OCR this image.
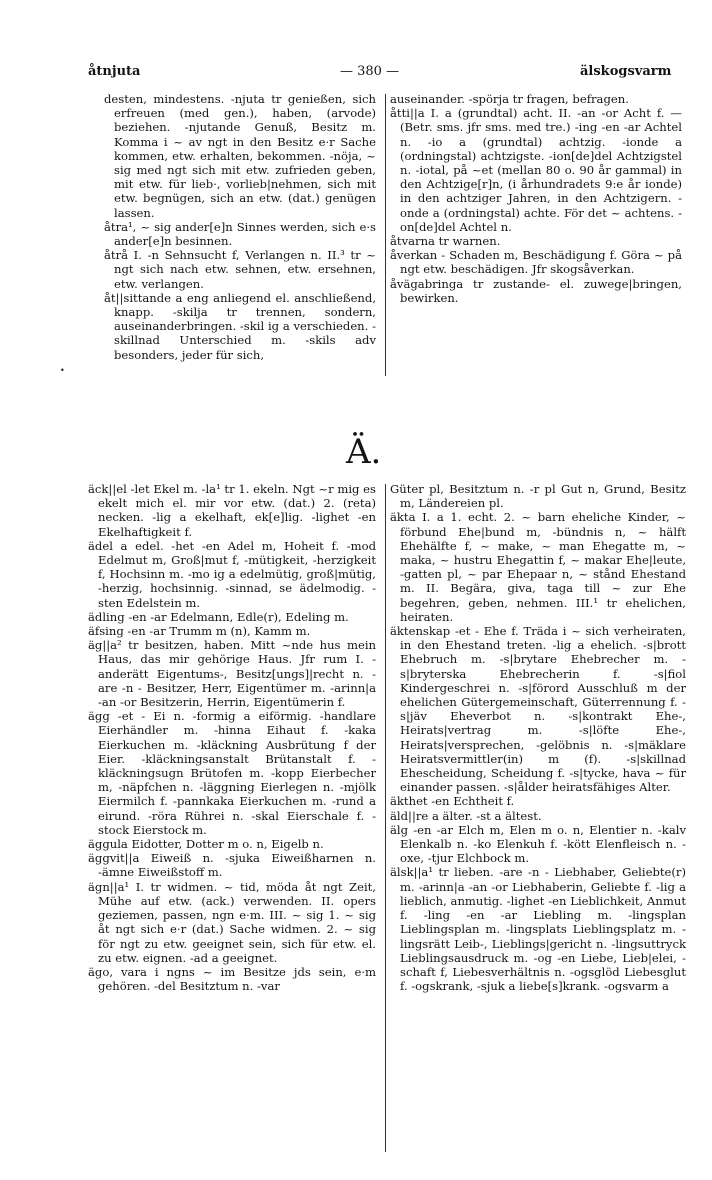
åtnjuta	— 380 —	älskogsvarm

desten, mindestens. -njuta tr genießen, sich erfreuen (med gen.), haben, (arvode) beziehen. -njutande Genuß, Besitz m. Komma i ~ av ngt in den Besitz e·r Sache kommen, etw. erhalten, bekommen. -nöja, ~ sig med ngt sich mit etw. zufrieden geben, mit etw. für lieb·, vorlieb|nehmen, sich mit etw. begnügen, sich an etw. (dat.) genügen lassen.

åtra¹, ~ sig ander[e]n Sinnes werden, sich e·s ander[e]n besinnen.

åtrå I. -n Sehnsucht f, Verlangen n. II.³ tr ~ ngt sich nach etw. sehnen, etw. ersehnen, etw. verlangen.

åt||sittande a eng anliegend el. anschließend, knapp. -skilja tr trennen, sondern, auseinanderbringen. -skil ig a verschieden. -skillnad Unterschied m. -skils adv besonders, jeder für sich,

auseinander. -spörja tr fragen, befragen.

åtti||a I. a (grundtal) acht. II. -an -or Acht f. — (Betr. sms. jfr sms. med tre.) -ing -en -ar Achtel n. -io a (grundtal) achtzig. -ionde a (ordningstal) achtzigste. -ion[de]del Achtzigstel n. -iotal, på ~et (mellan 80 o. 90 år gammal) in den Achtzige[r]n, (i århundradets 9:e år ionde) in den achtziger Jahren, in den Achtzigern. -onde a (ordningstal) achte. För det ~ achtens. -on[de]del Achtel n.

åtvarna tr warnen.

åverkan - Schaden m, Beschädigung f. Göra ~ på ngt etw. beschädigen. Jfr skogsåverkan.

åvägabringa tr zustande- el. zuwege|bringen, bewirken.

•
Ä.

äck||el -let Ekel m. -la¹ tr 1. ekeln. Ngt ~r mig es ekelt mich el. mir vor etw. (dat.) 2. (reta) necken. -lig a ekelhaft, ek[e]lig. -lighet -en Ekelhaftigkeit f.

ädel a edel. -het -en Adel m, Hoheit f. -mod Edelmut m, Groß|mut f, -mütigkeit, -herzigkeit f, Hochsinn m. -mo ig a edelmütig, groß|mütig, -herzig, hochsinnig. -sinnad, se ädelmodig. -sten Edelstein m.

ädling -en -ar Edelmann, Edle(r), Edeling m.

äfsing -en -ar Trumm m (n), Kamm m.

äg||a² tr besitzen, haben. Mitt ~nde hus mein Haus, das mir gehörige Haus. Jfr rum I. -anderätt Eigentums-, Besitz[ungs]|recht n. -are -n - Besitzer, Herr, Eigentümer m. -arinn|a -an -or Besitzerin, Herrin, Eigentümerin f.

ägg -et - Ei n. -formig a eiförmig. -handlare Eierhändler m. -hinna Eihaut f. -kaka Eierkuchen m. -kläckning Ausbrütung f der Eier. -kläckningsanstalt Brütanstalt f. -kläckningsugn Brütofen m. -kopp Eierbecher m, -näpfchen n. -läggning Eierlegen n. -mjölk Eiermilch f. -pannkaka Eierkuchen m. -rund a eirund. -röra Rührei n. -skal Eierschale f. -stock Eierstock m.

äggula Eidotter, Dotter m o. n, Eigelb n.

äggvit||a Eiweiß n. -sjuka Eiweißharnen n. -ämne Eiweißstoff m.

ägn||a¹ I. tr widmen. ~ tid, möda åt ngt Zeit, Mühe auf etw. (ack.) verwenden. II. opers geziemen, passen, ngn e·m. III. ~ sig 1. ~ sig åt ngt sich e·r (dat.) Sache widmen. 2. ~ sig för ngt zu etw. geeignet sein, sich für etw. el. zu etw. eignen. -ad a geeignet.

ägo, vara i ngns ~ im Besitze jds sein, e·m gehören. -del Besitztum n. -var

Güter pl, Besitztum n. -r pl Gut n, Grund, Besitz m, Ländereien pl.

äkta I. a 1. echt. 2. ~ barn eheliche Kinder, ~ förbund Ehe|bund m, -bündnis n, ~ hälft Ehehälfte f, ~ make, ~ man Ehegatte m, ~ maka, ~ hustru Ehegattin f, ~ makar Ehe|leute, -gatten pl, ~ par Ehepaar n, ~ stånd Ehestand m. II. Begära, giva, taga till ~ zur Ehe begehren, geben, nehmen. III.¹ tr ehelichen, heiraten.

äktenskap -et - Ehe f. Träda i ~ sich verheiraten, in den Ehestand treten. -lig a ehelich. -s|brott Ehebruch m. -s|brytare Ehebrecher m. -s|bryterska Ehebrecherin f. -s|fiol Kindergeschrei n. -s|förord Ausschluß m der ehelichen Gütergemeinschaft, Güterrennung f. -s|jäv Eheverbot n. -s|kontrakt Ehe-, Heirats|vertrag m. -s|löfte Ehe-, Heirats|versprechen, -gelöbnis n. -s|mäklare Heiratsvermittler(in) m (f). -s|skillnad Ehescheidung, Scheidung f. -s|tycke, hava ~ für einander passen. -s|ålder heiratsfähiges Alter.

äkthet -en Echtheit f.

äld||re a älter. -st a ältest.

älg -en -ar Elch m, Elen m o. n, Elentier n. -kalv Elenkalb n. -ko Elenkuh f. -kött Elenfleisch n. -oxe, -tjur Elchbock m.

älsk||a¹ tr lieben. -are -n - Liebhaber, Geliebte(r) m. -arinn|a -an -or Liebhaberin, Geliebte f. -lig a lieblich, anmutig. -lighet -en Lieblichkeit, Anmut f. -ling -en -ar Liebling m. -lingsplan Lieblingsplan m. -lingsplats Lieblingsplatz m. -lingsrätt Leib-, Lieblings|gericht n. -lingsuttryck Lieblingsausdruck m. -og -en Liebe, Lieb|elei, -schaft f, Liebesverhältnis n. -ogsglöd Liebesglut f. -ogskrank, -sjuk a liebe[s]krank. -ogsvarm a
